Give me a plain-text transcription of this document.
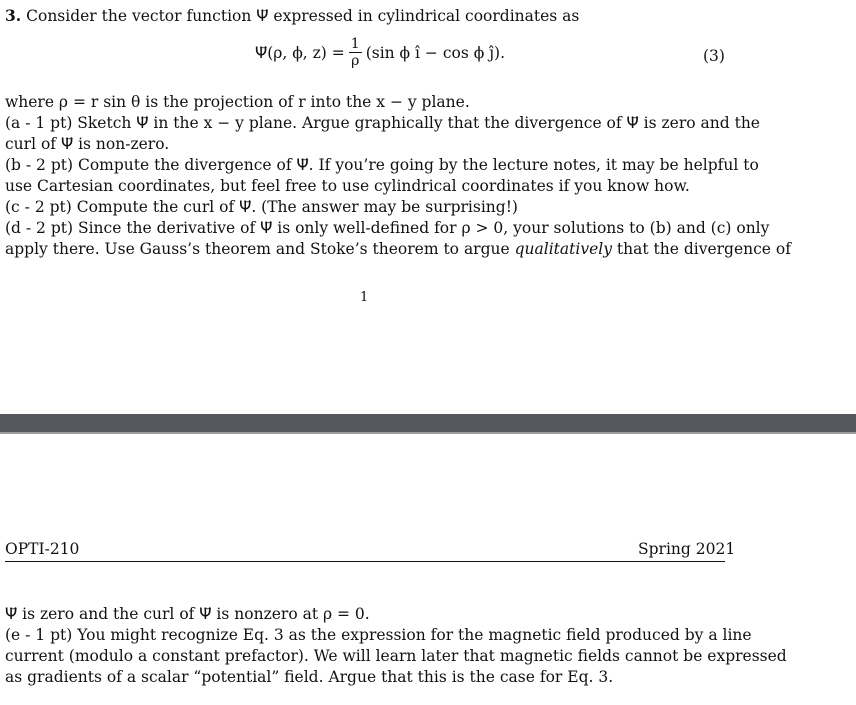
3. Consider the vector function Ψ⃗ expressed in cylindrical coordinates as
Ψ⃗(ρ, ϕ, $z) = \frac{1}{\rho} (\sin$ ϕ î − cos ϕ ĵ).	(3)
where ρ = r sin θ is the projection of r into the x − y plane.
(a - 1 pt) Sketch Ψ⃗ in the x − y plane. Argue graphically that the divergence of Ψ⃗ is zero and the
curl of Ψ⃗ is non-zero.
(b - 2 pt) Compute the divergence of Ψ⃗. If you’re going by the lecture notes, it may be helpful to
use Cartesian coordinates, but feel free to use cylindrical coordinates if you know how.
(c - 2 pt) Compute the curl of Ψ⃗. (The answer may be surprising!)
(d - 2 pt) Since the derivative of Ψ⃗ is only well-defined for ρ > 0, your solutions to (b) and (c) only
apply there. Use Gauss’s theorem and Stoke’s theorem to argue qualitatively that the divergence of
1
OPTI-210	Spring 2021
Ψ⃗ is zero and the curl of Ψ⃗ is nonzero at ρ = 0.
(e - 1 pt) You might recognize Eq. 3 as the expression for the magnetic field produced by a line
current (modulo a constant prefactor). We will learn later that magnetic fields cannot be expressed
as gradients of a scalar “potential” field. Argue that this is the case for Eq. 3.
